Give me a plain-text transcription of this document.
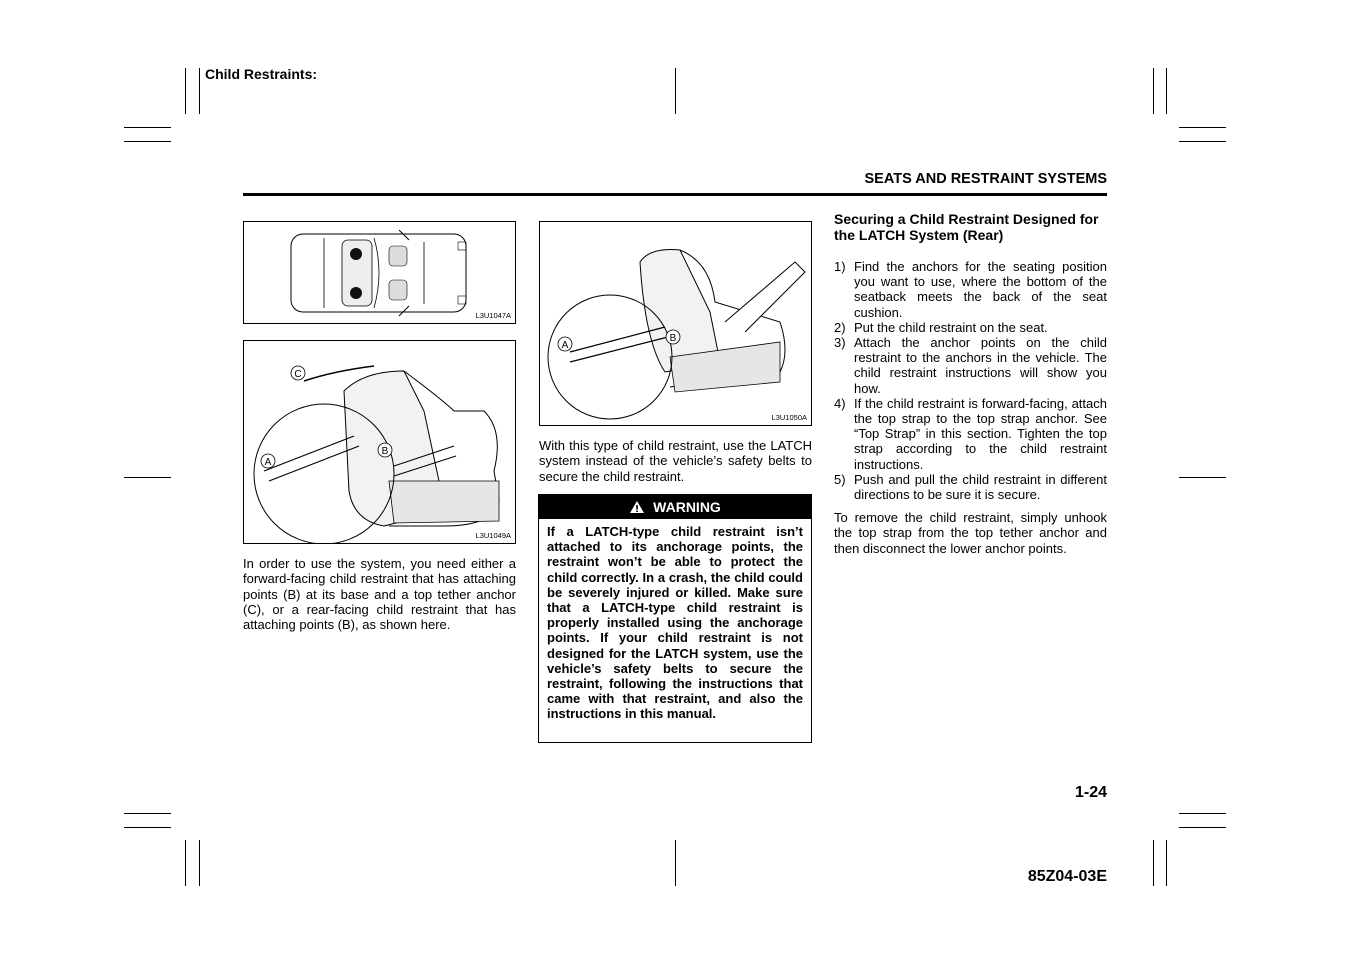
Child Restraints:
SEATS AND RESTRAINT SYSTEMS
L3U1047A
C
A
B
L3U1049A
A
B
L3U1050A
In order to use the system, you need either a forward-facing child restraint that has attaching points (B) at its base and a top tether anchor (C), or a rear-facing child restraint that has attaching points (B), as shown here.
With this type of child restraint, use the LATCH system instead of the vehicle’s safety belts to secure the child restraint.
WARNING
If a LATCH-type child restraint isn’t attached to its anchorage points, the restraint won’t be able to protect the child correctly. In a crash, the child could be severely injured or killed. Make sure that a LATCH-type child restraint is properly installed using the anchorage points. If your child restraint is not designed for the LATCH system, use the vehicle’s safety belts to secure the restraint, following the instructions that came with that restraint, and also the instructions in this manual.
Securing a Child Restraint Designed for the LATCH System (Rear)
1) Find the anchors for the seating position you want to use, where the bottom of the seatback meets the back of the seat cushion.
2) Put the child restraint on the seat.
3) Attach the anchor points on the child restraint to the anchors in the vehicle. The child restraint instructions will show you how.
4) If the child restraint is forward-facing, attach the top strap to the top strap anchor. See “Top Strap” in this section. Tighten the top strap according to the child restraint instructions.
5) Push and pull the child restraint in different directions to be sure it is secure.
To remove the child restraint, simply unhook the top strap from the top tether anchor and then disconnect the lower anchor points.
1-24
85Z04-03E
